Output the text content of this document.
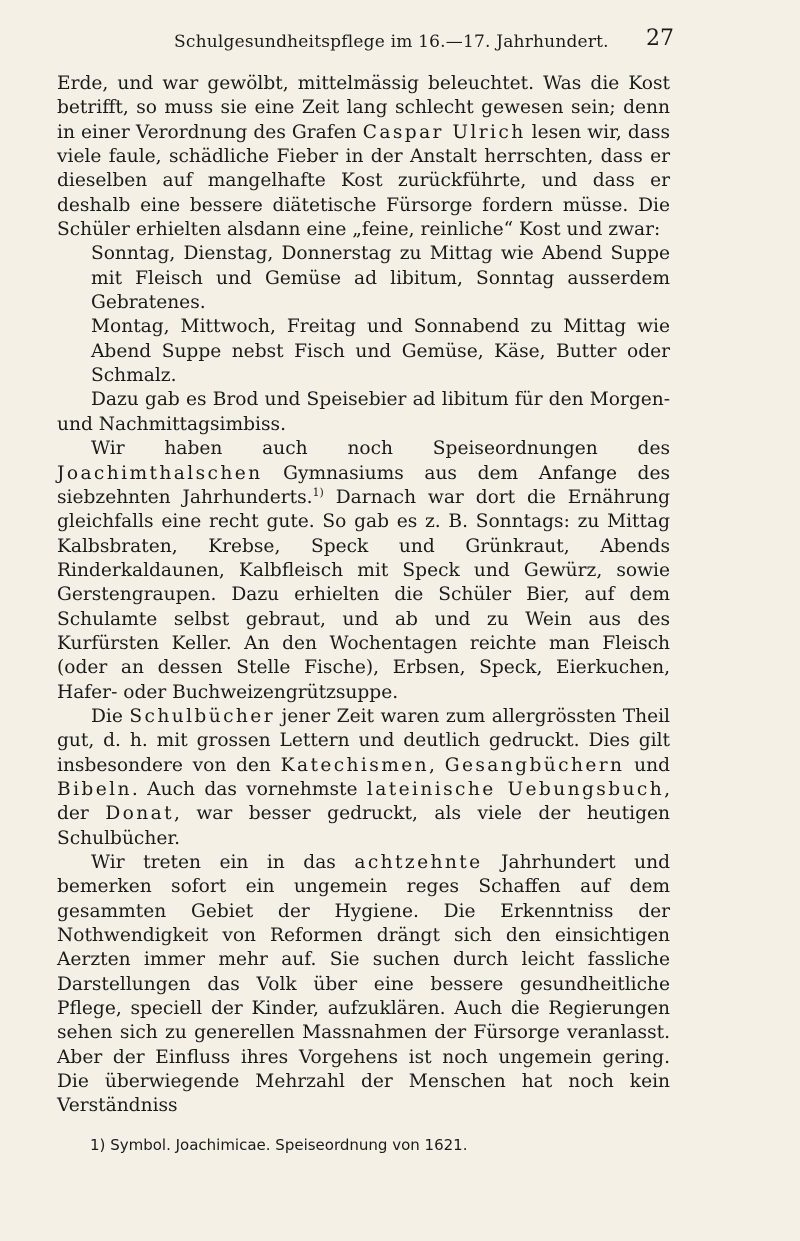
Schulgesundheitspflege im 16.—17. Jahrhundert. 27

Erde, und war gewölbt, mittelmässig beleuchtet. Was die Kost betrifft, so muss sie eine Zeit lang schlecht gewesen sein; denn in einer Verordnung des Grafen Caspar Ulrich lesen wir, dass viele faule, schädliche Fieber in der Anstalt herrschten, dass er dieselben auf mangelhafte Kost zurückführte, und dass er deshalb eine bessere diätetische Fürsorge fordern müsse. Die Schüler erhielten alsdann eine „feine, reinliche“ Kost und zwar:

Sonntag, Dienstag, Donnerstag zu Mittag wie Abend Suppe mit Fleisch und Gemüse ad libitum, Sonntag ausserdem Gebratenes.

Montag, Mittwoch, Freitag und Sonnabend zu Mittag wie Abend Suppe nebst Fisch und Gemüse, Käse, Butter oder Schmalz.

Dazu gab es Brod und Speisebier ad libitum für den Morgen- und Nachmittagsimbiss.

Wir haben auch noch Speiseordnungen des Joachimthalschen Gymnasiums aus dem Anfange des siebzehnten Jahrhunderts.$^{1)}$ Darnach war dort die Ernährung gleichfalls eine recht gute. So gab es z. B. Sonntags: zu Mittag Kalbsbraten, Krebse, Speck und Grünkraut, Abends Rinderkaldaunen, Kalbfleisch mit Speck und Gewürz, sowie Gerstengraupen. Dazu erhielten die Schüler Bier, auf dem Schulamte selbst gebraut, und ab und zu Wein aus des Kurfürsten Keller. An den Wochentagen reichte man Fleisch (oder an dessen Stelle Fische), Erbsen, Speck, Eierkuchen, Hafer- oder Buchweizengrützsuppe.

Die Schulbücher jener Zeit waren zum allergrössten Theil gut, d. h. mit grossen Lettern und deutlich gedruckt. Dies gilt insbesondere von den Katechismen, Gesangbüchern und Bibeln. Auch das vornehmste lateinische Uebungsbuch, der Donat, war besser gedruckt, als viele der heutigen Schulbücher.

Wir treten ein in das achtzehnte Jahrhundert und bemerken sofort ein ungemein reges Schaffen auf dem gesammten Gebiet der Hygiene. Die Erkenntniss der Nothwendigkeit von Reformen drängt sich den einsichtigen Aerzten immer mehr auf. Sie suchen durch leicht fassliche Darstellungen das Volk über eine bessere gesundheitliche Pflege, speciell der Kinder, aufzuklären. Auch die Regierungen sehen sich zu generellen Massnahmen der Fürsorge veranlasst. Aber der Einfluss ihres Vorgehens ist noch ungemein gering. Die überwiegende Mehrzahl der Menschen hat noch kein Verständniss

1) Symbol. Joachimicae. Speiseordnung von 1621.
